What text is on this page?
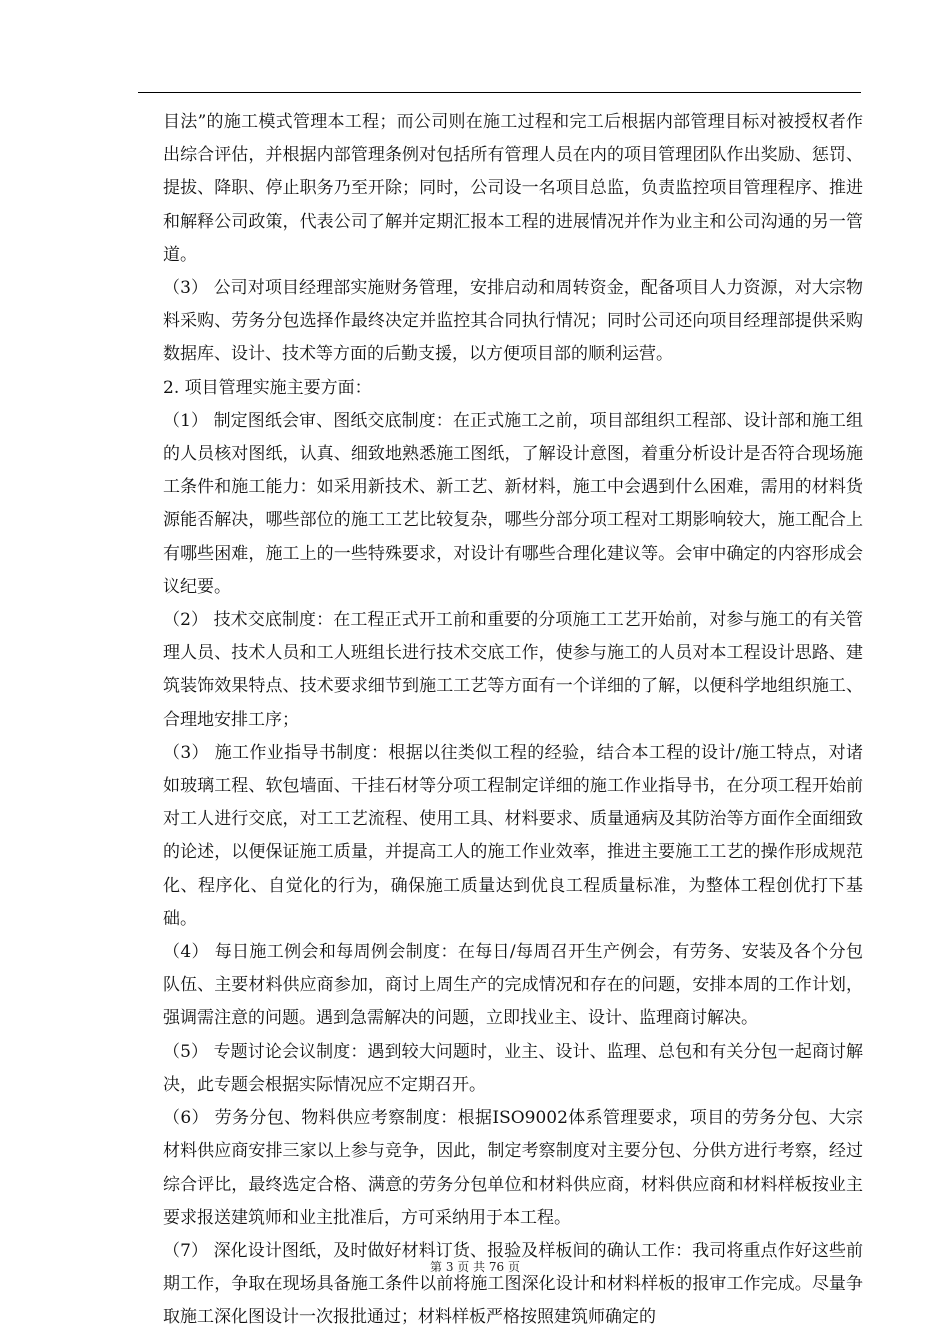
目法”的施工模式管理本工程；而公司则在施工过程和完工后根据内部管理目标对被授权者作出综合评估，并根据内部管理条例对包括所有管理人员在内的项目管理团队作出奖励、惩罚、提拔、降职、停止职务乃至开除；同时，公司设一名项目总监，负责监控项目管理程序、推进和解释公司政策，代表公司了解并定期汇报本工程的进展情况并作为业主和公司沟通的另一管道。

（3） 公司对项目经理部实施财务管理，安排启动和周转资金，配备项目人力资源，对大宗物料采购、劳务分包选择作最终决定并监控其合同执行情况；同时公司还向项目经理部提供采购数据库、设计、技术等方面的后勤支援，以方便项目部的顺利运营。

2. 项目管理实施主要方面：

（1） 制定图纸会审、图纸交底制度：在正式施工之前，项目部组织工程部、设计部和施工组的人员核对图纸，认真、细致地熟悉施工图纸，了解设计意图，着重分析设计是否符合现场施工条件和施工能力：如采用新技术、新工艺、新材料，施工中会遇到什么困难，需用的材料货源能否解决，哪些部位的施工工艺比较复杂，哪些分部分项工程对工期影响较大，施工配合上有哪些困难，施工上的一些特殊要求，对设计有哪些合理化建议等。会审中确定的内容形成会议纪要。

（2） 技术交底制度：在工程正式开工前和重要的分项施工工艺开始前，对参与施工的有关管理人员、技术人员和工人班组长进行技术交底工作，使参与施工的人员对本工程设计思路、建筑装饰效果特点、技术要求细节到施工工艺等方面有一个详细的了解，以便科学地组织施工、合理地安排工序；

（3） 施工作业指导书制度：根据以往类似工程的经验，结合本工程的设计/施工特点，对诸如玻璃工程、软包墙面、干挂石材等分项工程制定详细的施工作业指导书，在分项工程开始前对工人进行交底，对工工艺流程、使用工具、材料要求、质量通病及其防治等方面作全面细致的论述，以便保证施工质量，并提高工人的施工作业效率，推进主要施工工艺的操作形成规范化、程序化、自觉化的行为，确保施工质量达到优良工程质量标准，为整体工程创优打下基础。

（4） 每日施工例会和每周例会制度：在每日/每周召开生产例会，有劳务、安装及各个分包队伍、主要材料供应商参加，商讨上周生产的完成情况和存在的问题，安排本周的工作计划，强调需注意的问题。遇到急需解决的问题，立即找业主、设计、监理商讨解决。

（5） 专题讨论会议制度：遇到较大问题时，业主、设计、监理、总包和有关分包一起商讨解决，此专题会根据实际情况应不定期召开。

（6） 劳务分包、物料供应考察制度：根据ISO9002体系管理要求，项目的劳务分包、大宗材料供应商安排三家以上参与竞争，因此，制定考察制度对主要分包、分供方进行考察，经过综合评比，最终选定合格、满意的劳务分包单位和材料供应商，材料供应商和材料样板按业主要求报送建筑师和业主批准后，方可采纳用于本工程。

（7） 深化设计图纸，及时做好材料订货、报验及样板间的确认工作：我司将重点作好这些前期工作，争取在现场具备施工条件以前将施工图深化设计和材料样板的报审工作完成。尽量争取施工深化图设计一次报批通过；材料样板严格按照建筑师确定的

第 3 页 共 76 页
